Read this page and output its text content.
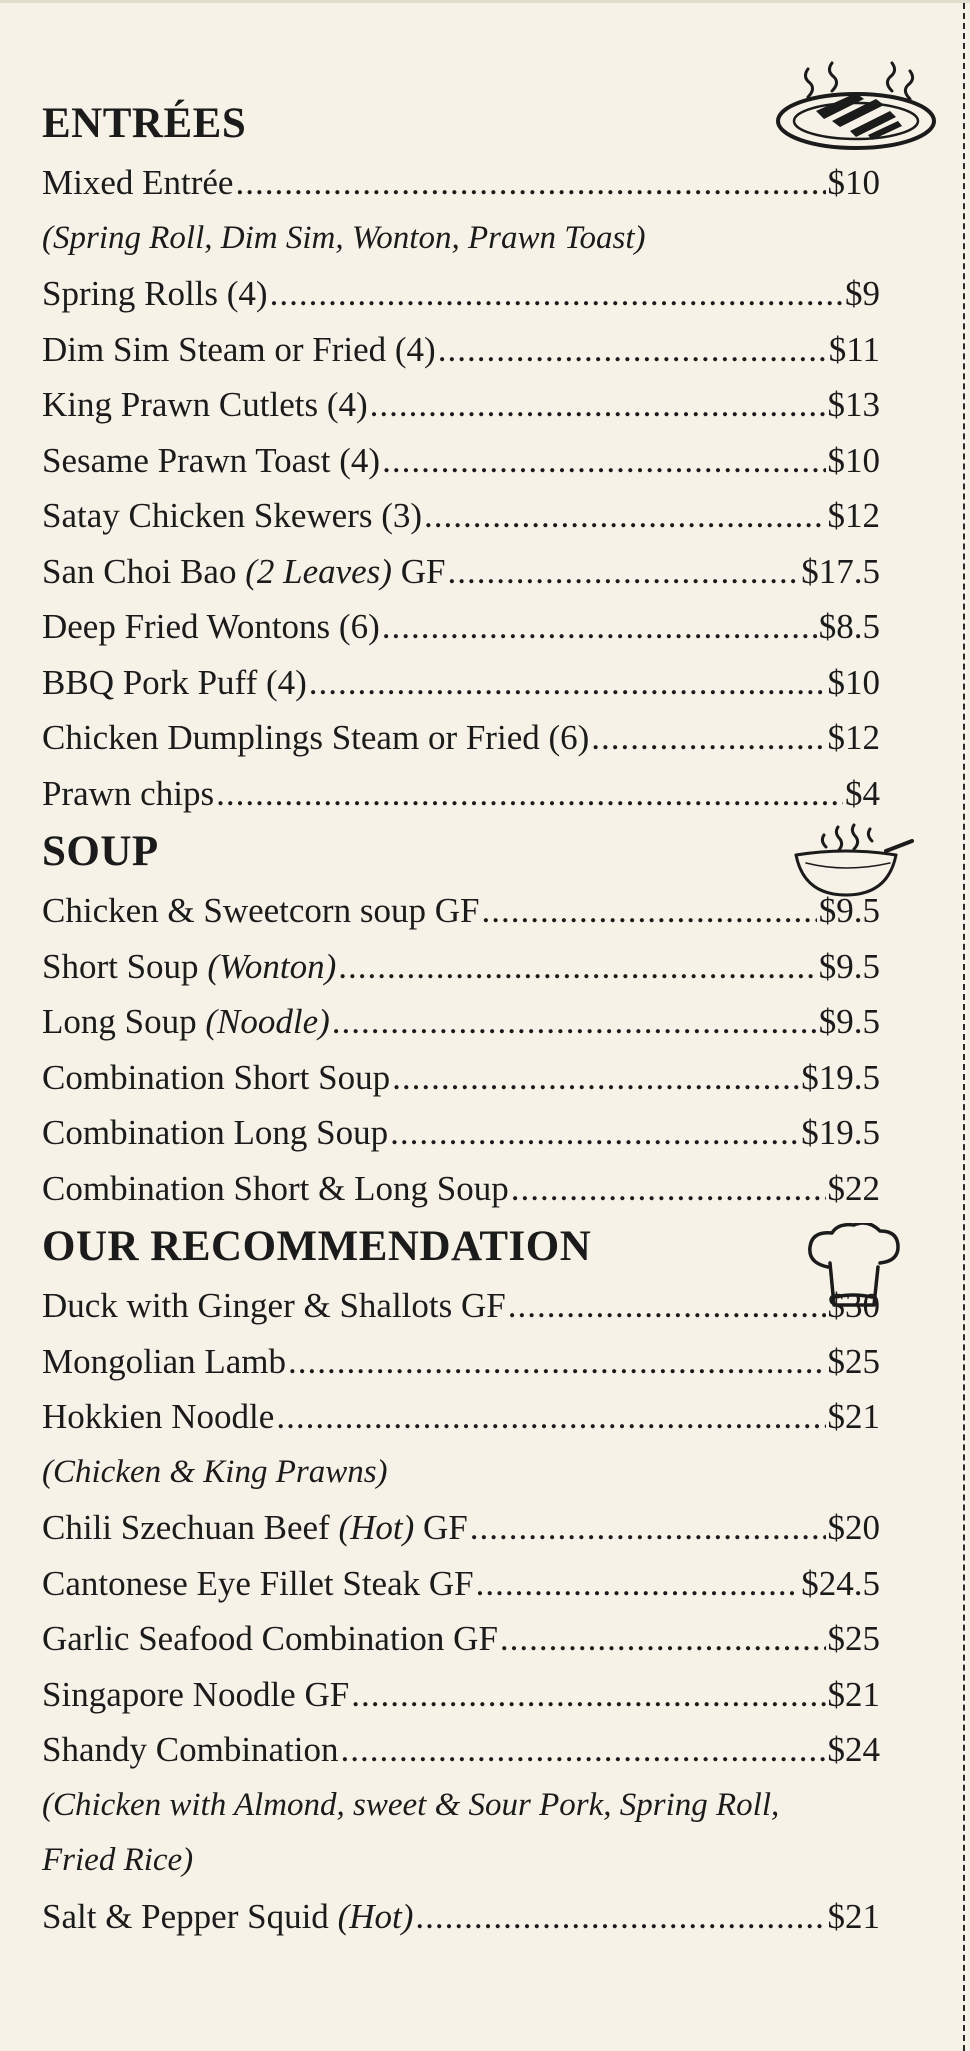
ENTRÉES
Mixed Entrée .....	$10
(Spring Roll, Dim Sim, Wonton, Prawn Toast)
Spring Rolls (4) .....	$9
Dim Sim Steam or Fried (4) .....	$11
King Prawn Cutlets (4) .....	$13
Sesame Prawn Toast (4) .....	$10
Satay Chicken Skewers (3) .....	$12
San Choi Bao (2 Leaves) GF .....	$17.5
Deep Fried Wontons (6) .....	$8.5
BBQ Pork Puff (4) .....	$10
Chicken Dumplings Steam or Fried (6) .....	$12
Prawn chips .....	$4
SOUP
Chicken & Sweetcorn soup GF .....	$9.5
Short Soup (Wonton) .....	$9.5
Long Soup (Noodle) .....	$9.5
Combination Short Soup .....	$19.5
Combination Long Soup .....	$19.5
Combination Short & Long Soup .....	$22
OUR RECOMMENDATION
Duck with Ginger & Shallots GF .....	$30
Mongolian Lamb .....	$25
Hokkien Noodle .....	$21
(Chicken & King Prawns)
Chili Szechuan Beef (Hot) GF .....	$20
Cantonese Eye Fillet Steak GF .....	$24.5
Garlic Seafood Combination GF .....	$25
Singapore Noodle GF .....	$21
Shandy Combination .....	$24
(Chicken with Almond, sweet & Sour Pork, Spring Roll,
Fried Rice)
Salt & Pepper Squid (Hot) .....	$21
